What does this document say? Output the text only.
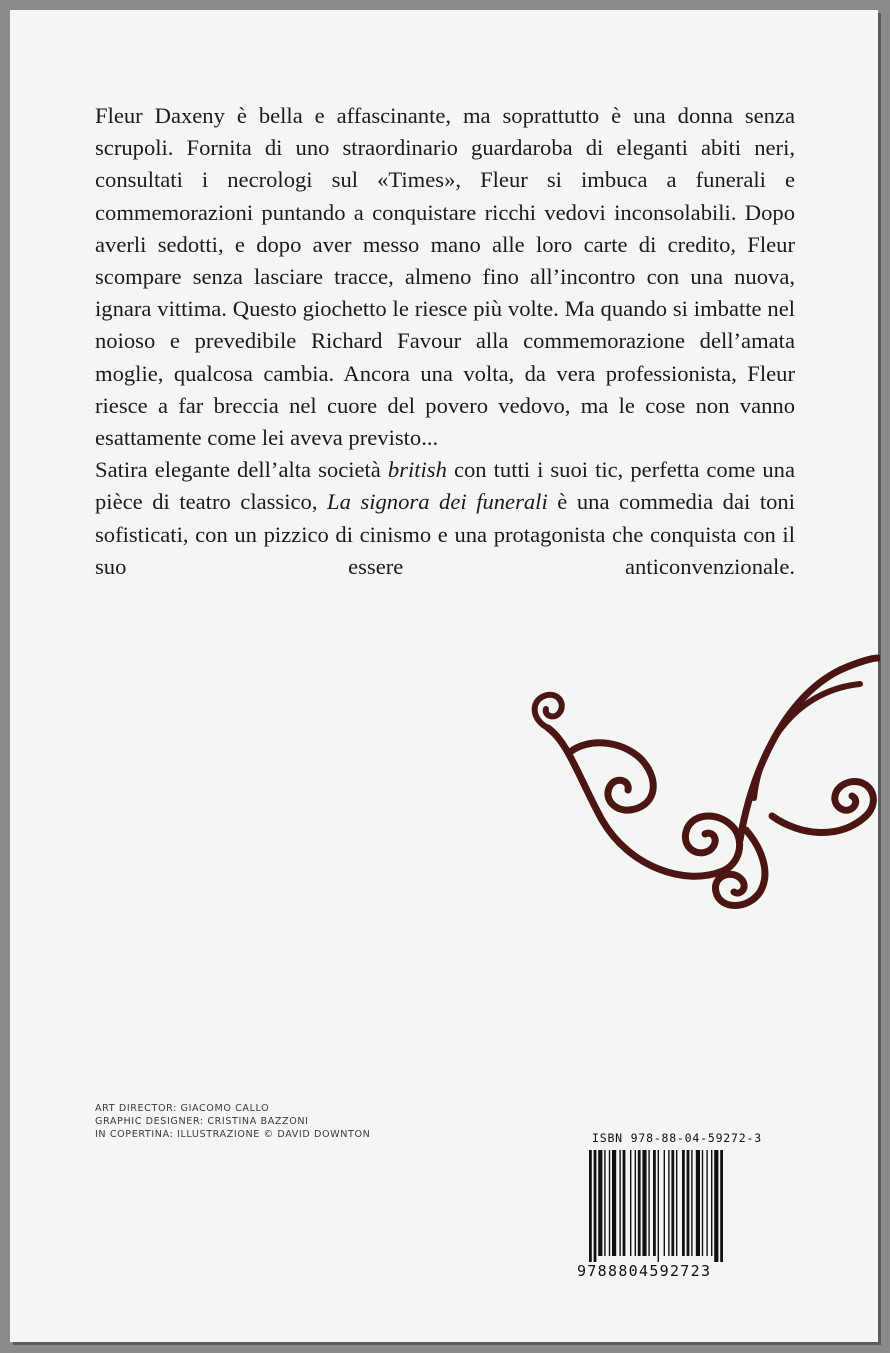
Fleur Daxeny è bella e affascinante, ma soprattutto è una donna senza scrupoli. Fornita di uno straordinario guardaroba di eleganti abiti neri, consultati i necrologi sul «Times», Fleur si imbuca a funerali e commemorazioni puntando a conquistare ricchi vedovi inconsolabili. Dopo averli sedotti, e dopo aver messo mano alle loro carte di credito, Fleur scompare senza lasciare tracce, almeno fino all’incontro con una nuova, ignara vittima. Questo giochetto le riesce più volte. Ma quando si imbatte nel noioso e prevedibile Richard Favour alla commemorazione dell’amata moglie, qualcosa cambia. Ancora una volta, da vera professionista, Fleur riesce a far breccia nel cuore del povero vedovo, ma le cose non vanno esattamente come lei aveva previsto...

Satira elegante dell’alta società british con tutti i suoi tic, perfetta come una pièce di teatro classico, La signora dei funerali è una commedia dai toni sofisticati, con un pizzico di cinismo e una protagonista che conquista con il suo essere anticonvenzionale.

ART DIRECTOR: GIACOMO CALLO
GRAPHIC DESIGNER: CRISTINA BAZZONI
IN COPERTINA: ILLUSTRAZIONE © DAVID DOWNTON	ISBN 978-88-04-59272-3
9788804592723
